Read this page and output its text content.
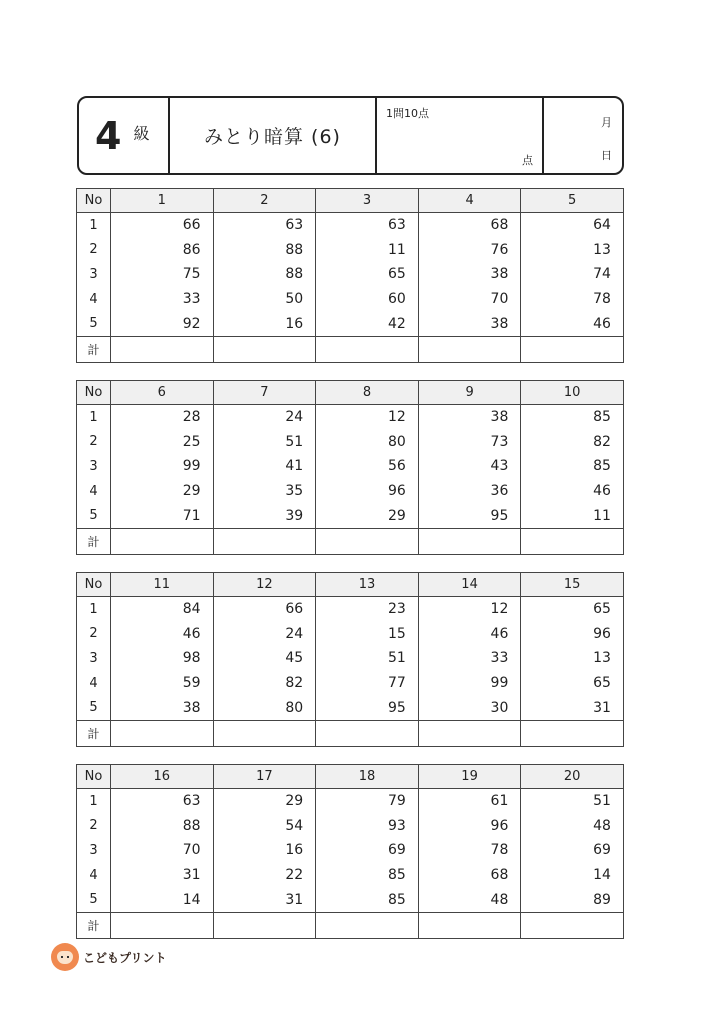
4 級	みとり暗算 (6)
1問10点
点
月
日
No	1	2	3	4	5
1	66	63	63	68	64
2	86	88	11	76	13
3	75	88	65	38	74
4	33	50	60	70	78
5	92	16	42	38	46
計					
No	6	7	8	9	10
1	28	24	12	38	85
2	25	51	80	73	82
3	99	41	56	43	85
4	29	35	96	36	46
5	71	39	29	95	11
計					
No	11	12	13	14	15
1	84	66	23	12	65
2	46	24	15	46	96
3	98	45	51	33	13
4	59	82	77	99	65
5	38	80	95	30	31
計					
No	16	17	18	19	20
1	63	29	79	61	51
2	88	54	93	96	48
3	70	16	69	78	69
4	31	22	85	68	14
5	14	31	85	48	89
計					
こどもプリント
